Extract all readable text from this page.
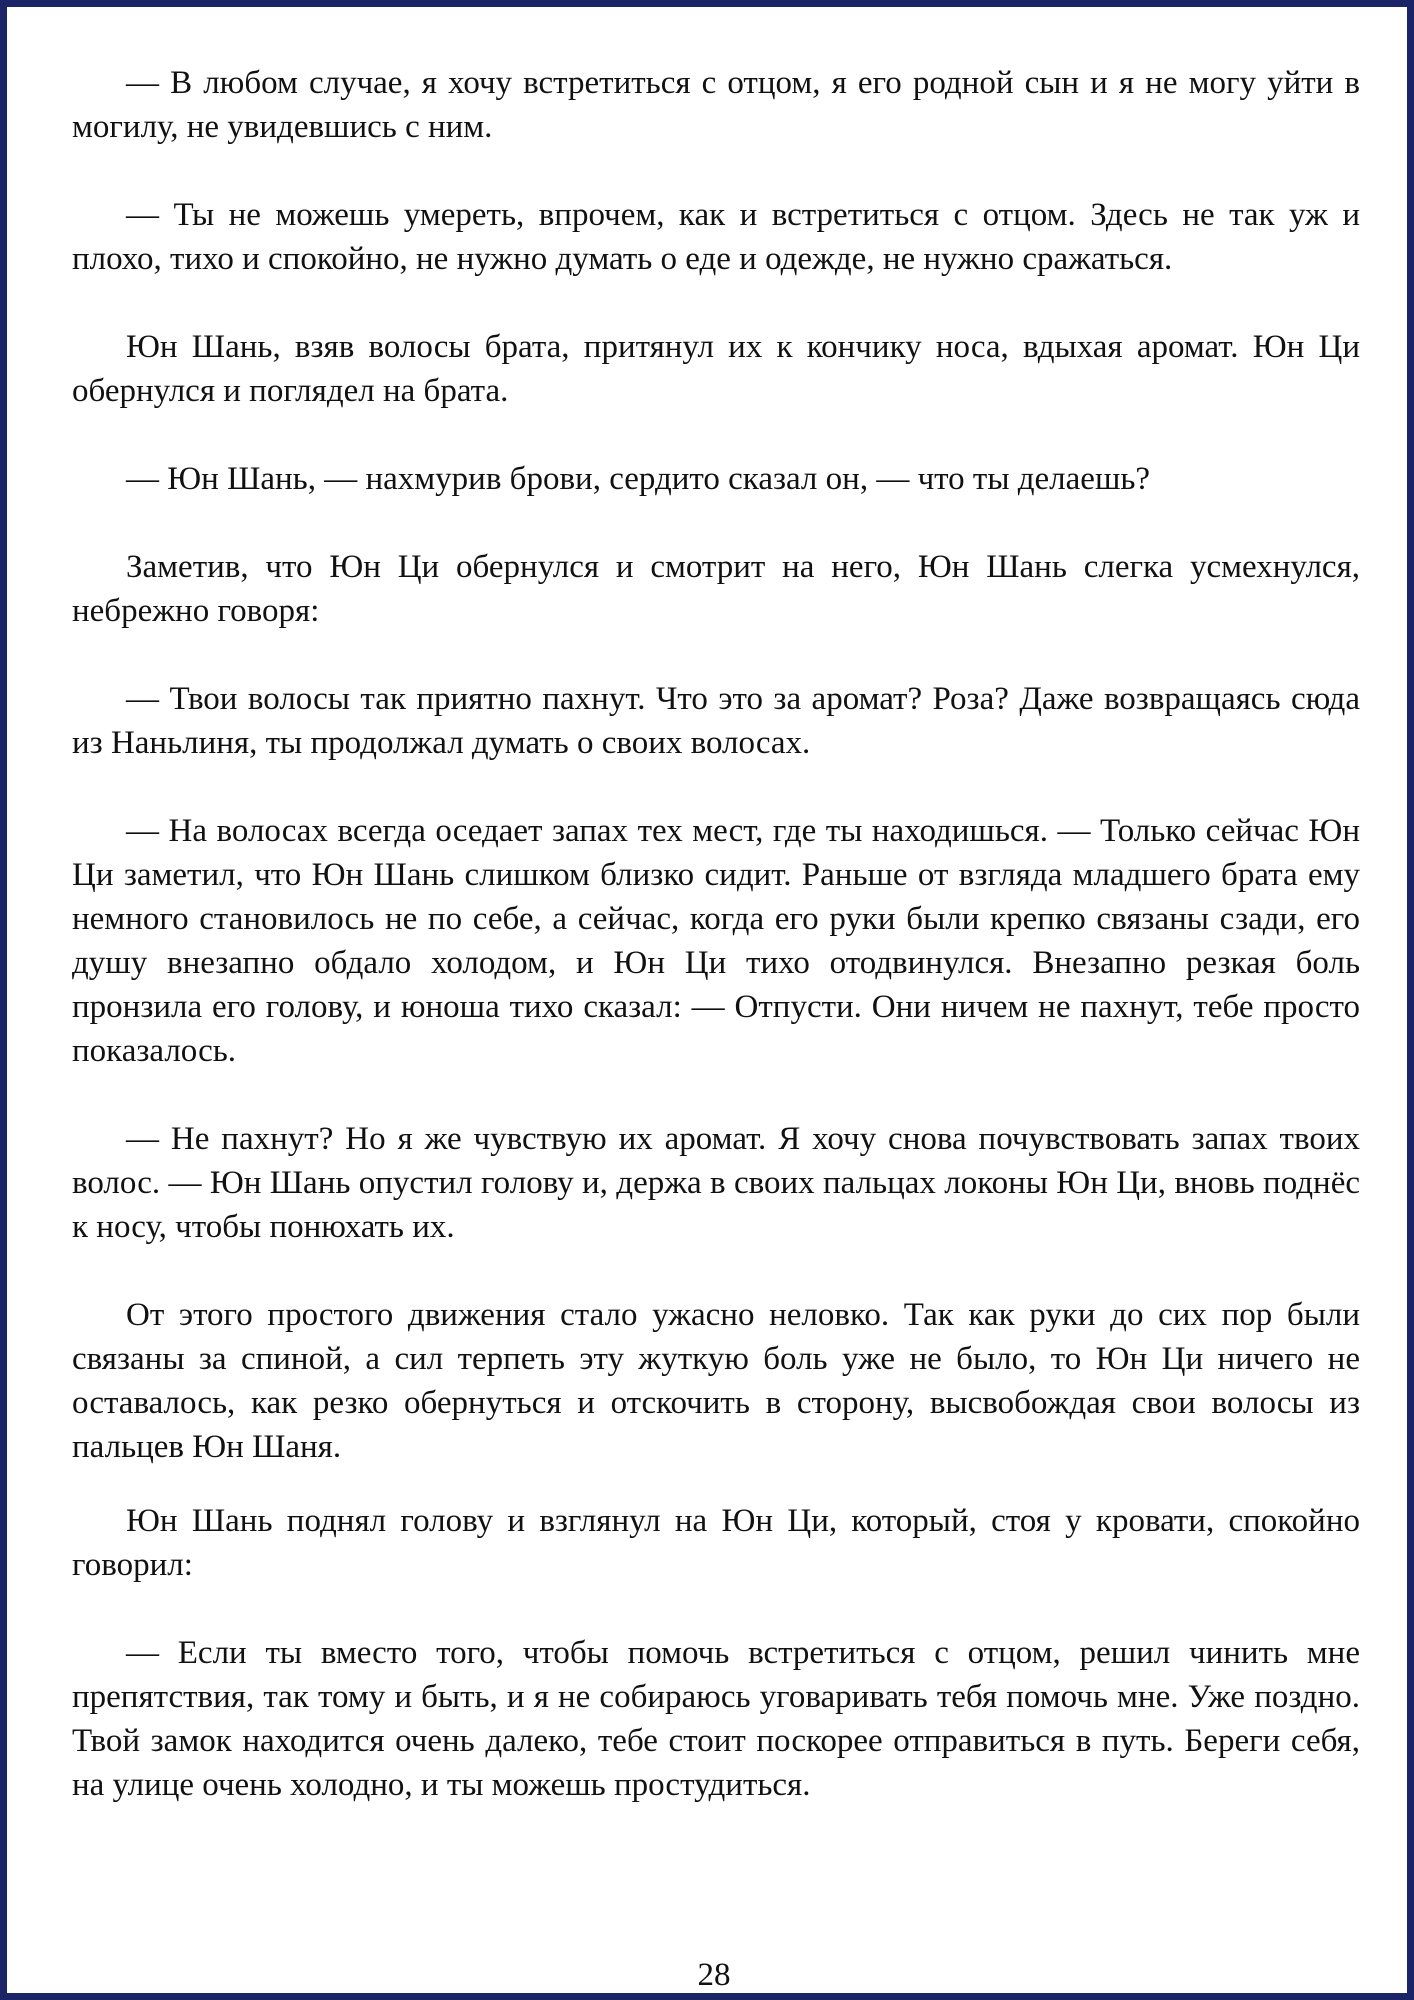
— В любом случае, я хочу встретиться с отцом, я его родной сын и я не могу уйти в могилу, не увидевшись с ним.

— Ты не можешь умереть, впрочем, как и встретиться с отцом. Здесь не так уж и плохо, тихо и спокойно, не нужно думать о еде и одежде, не нужно сражаться.

Юн Шань, взяв волосы брата, притянул их к кончику носа, вдыхая аромат. Юн Ци обернулся и поглядел на брата.

— Юн Шань, — нахмурив брови, сердито сказал он, — что ты делаешь?

Заметив, что Юн Ци обернулся и смотрит на него, Юн Шань слегка усмехнулся, небрежно говоря:

— Твои волосы так приятно пахнут. Что это за аромат? Роза? Даже возвращаясь сюда из Наньлиня, ты продолжал думать о своих волосах.

— На волосах всегда оседает запах тех мест, где ты находишься. — Только сейчас Юн Ци заметил, что Юн Шань слишком близко сидит. Раньше от взгляда младшего брата ему немного становилось не по себе, а сейчас, когда его руки были крепко связаны сзади, его душу внезапно обдало холодом, и Юн Ци тихо отодвинулся. Внезапно резкая боль пронзила его голову, и юноша тихо сказал: — Отпусти. Они ничем не пахнут, тебе просто показалось.

— Не пахнут? Но я же чувствую их аромат. Я хочу снова почувствовать запах твоих волос. — Юн Шань опустил голову и, держа в своих пальцах локоны Юн Ци, вновь поднёс к носу, чтобы понюхать их.

От этого простого движения стало ужасно неловко. Так как руки до сих пор были связаны за спиной, а сил терпеть эту жуткую боль уже не было, то Юн Ци ничего не оставалось, как резко обернуться и отскочить в сторону, высвобождая свои волосы из пальцев Юн Шаня.

Юн Шань поднял голову и взглянул на Юн Ци, который, стоя у кровати, спокойно говорил:

— Если ты вместо того, чтобы помочь встретиться с отцом, решил чинить мне препятствия, так тому и быть, и я не собираюсь уговаривать тебя помочь мне. Уже поздно. Твой замок находится очень далеко, тебе стоит поскорее отправиться в путь. Береги себя, на улице очень холодно, и ты можешь простудиться.

28
